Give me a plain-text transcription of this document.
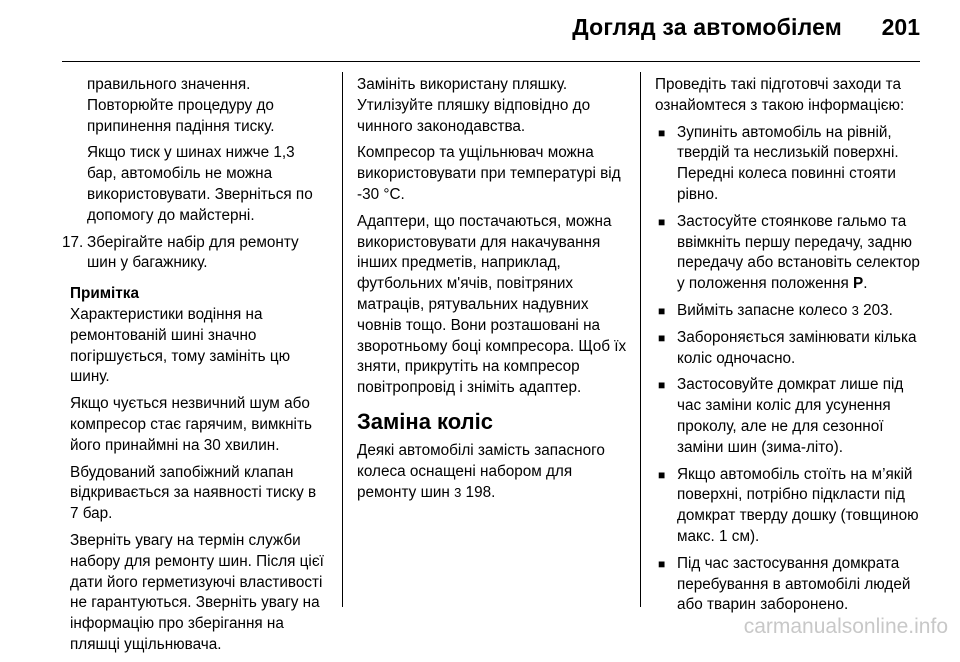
Догляд за автомобілем 201
правильного значення.
Повторюйте процедуру до
припинення падіння тиску.

Якщо тиск у шинах нижче 1,3 бар, автомобіль не можна використовувати. Зверніться по допомогу до майстерні.

17. Зберігайте набір для ремонту шин у багажнику.
Примітка

Характеристики водіння на ремонтованій шині значно погіршується, тому замініть цю шину.

Якщо чується незвичний шум або компресор стає гарячим, вимкніть його принаймні на 30 хвилин.

Вбудований запобіжний клапан відкривається за наявності тиску в 7 бар.

Зверніть увагу на термін служби набору для ремонту шин. Після цієї дати його герметизуючі властивості не гарантуються. Зверніть увагу на інформацію про зберігання на пляшці ущільнювача.

Замініть використану пляшку. Утилізуйте пляшку відповідно до чинного законодавства.

Компресор та ущільнювач можна використовувати при температурі від -30 °C.

Адаптери, що постачаються, можна використовувати для накачування інших предметів, наприклад, футбольних м'ячів, повітряних матраців, рятувальних надувних човнів тощо. Вони розташовані на зворотньому боці компресора. Щоб їх зняти, прикрутіть на компресор повітропровід і зніміть адаптер.

Заміна коліс

Деякі автомобілі замість запасного колеса оснащені набором для ремонту шин 3 198.

Проведіть такі підготовчі заходи та ознайомтеся з такою інформацією:

■ Зупиніть автомобіль на рівній, твердій та неслизькій поверхні. Передні колеса повинні стояти рівно.
■ Застосуйте стоянкове гальмо та ввімкніть першу передачу, задню передачу або встановіть селектор у положення положення P.
■ Вийміть запасне колесо 3 203.
■ Забороняється замінювати кілька коліс одночасно.
■ Застосовуйте домкрат лише під час заміни коліс для усунення проколу, але не для сезонної заміни шин (зима-літо).
■ Якщо автомобіль стоїть на м’якій поверхні, потрібно підкласти під домкрат тверду дошку (товщиною макс. 1 см).
■ Під час застосування домкрата перебування в автомобілі людей або тварин заборонено.
carmanualsonline.info
